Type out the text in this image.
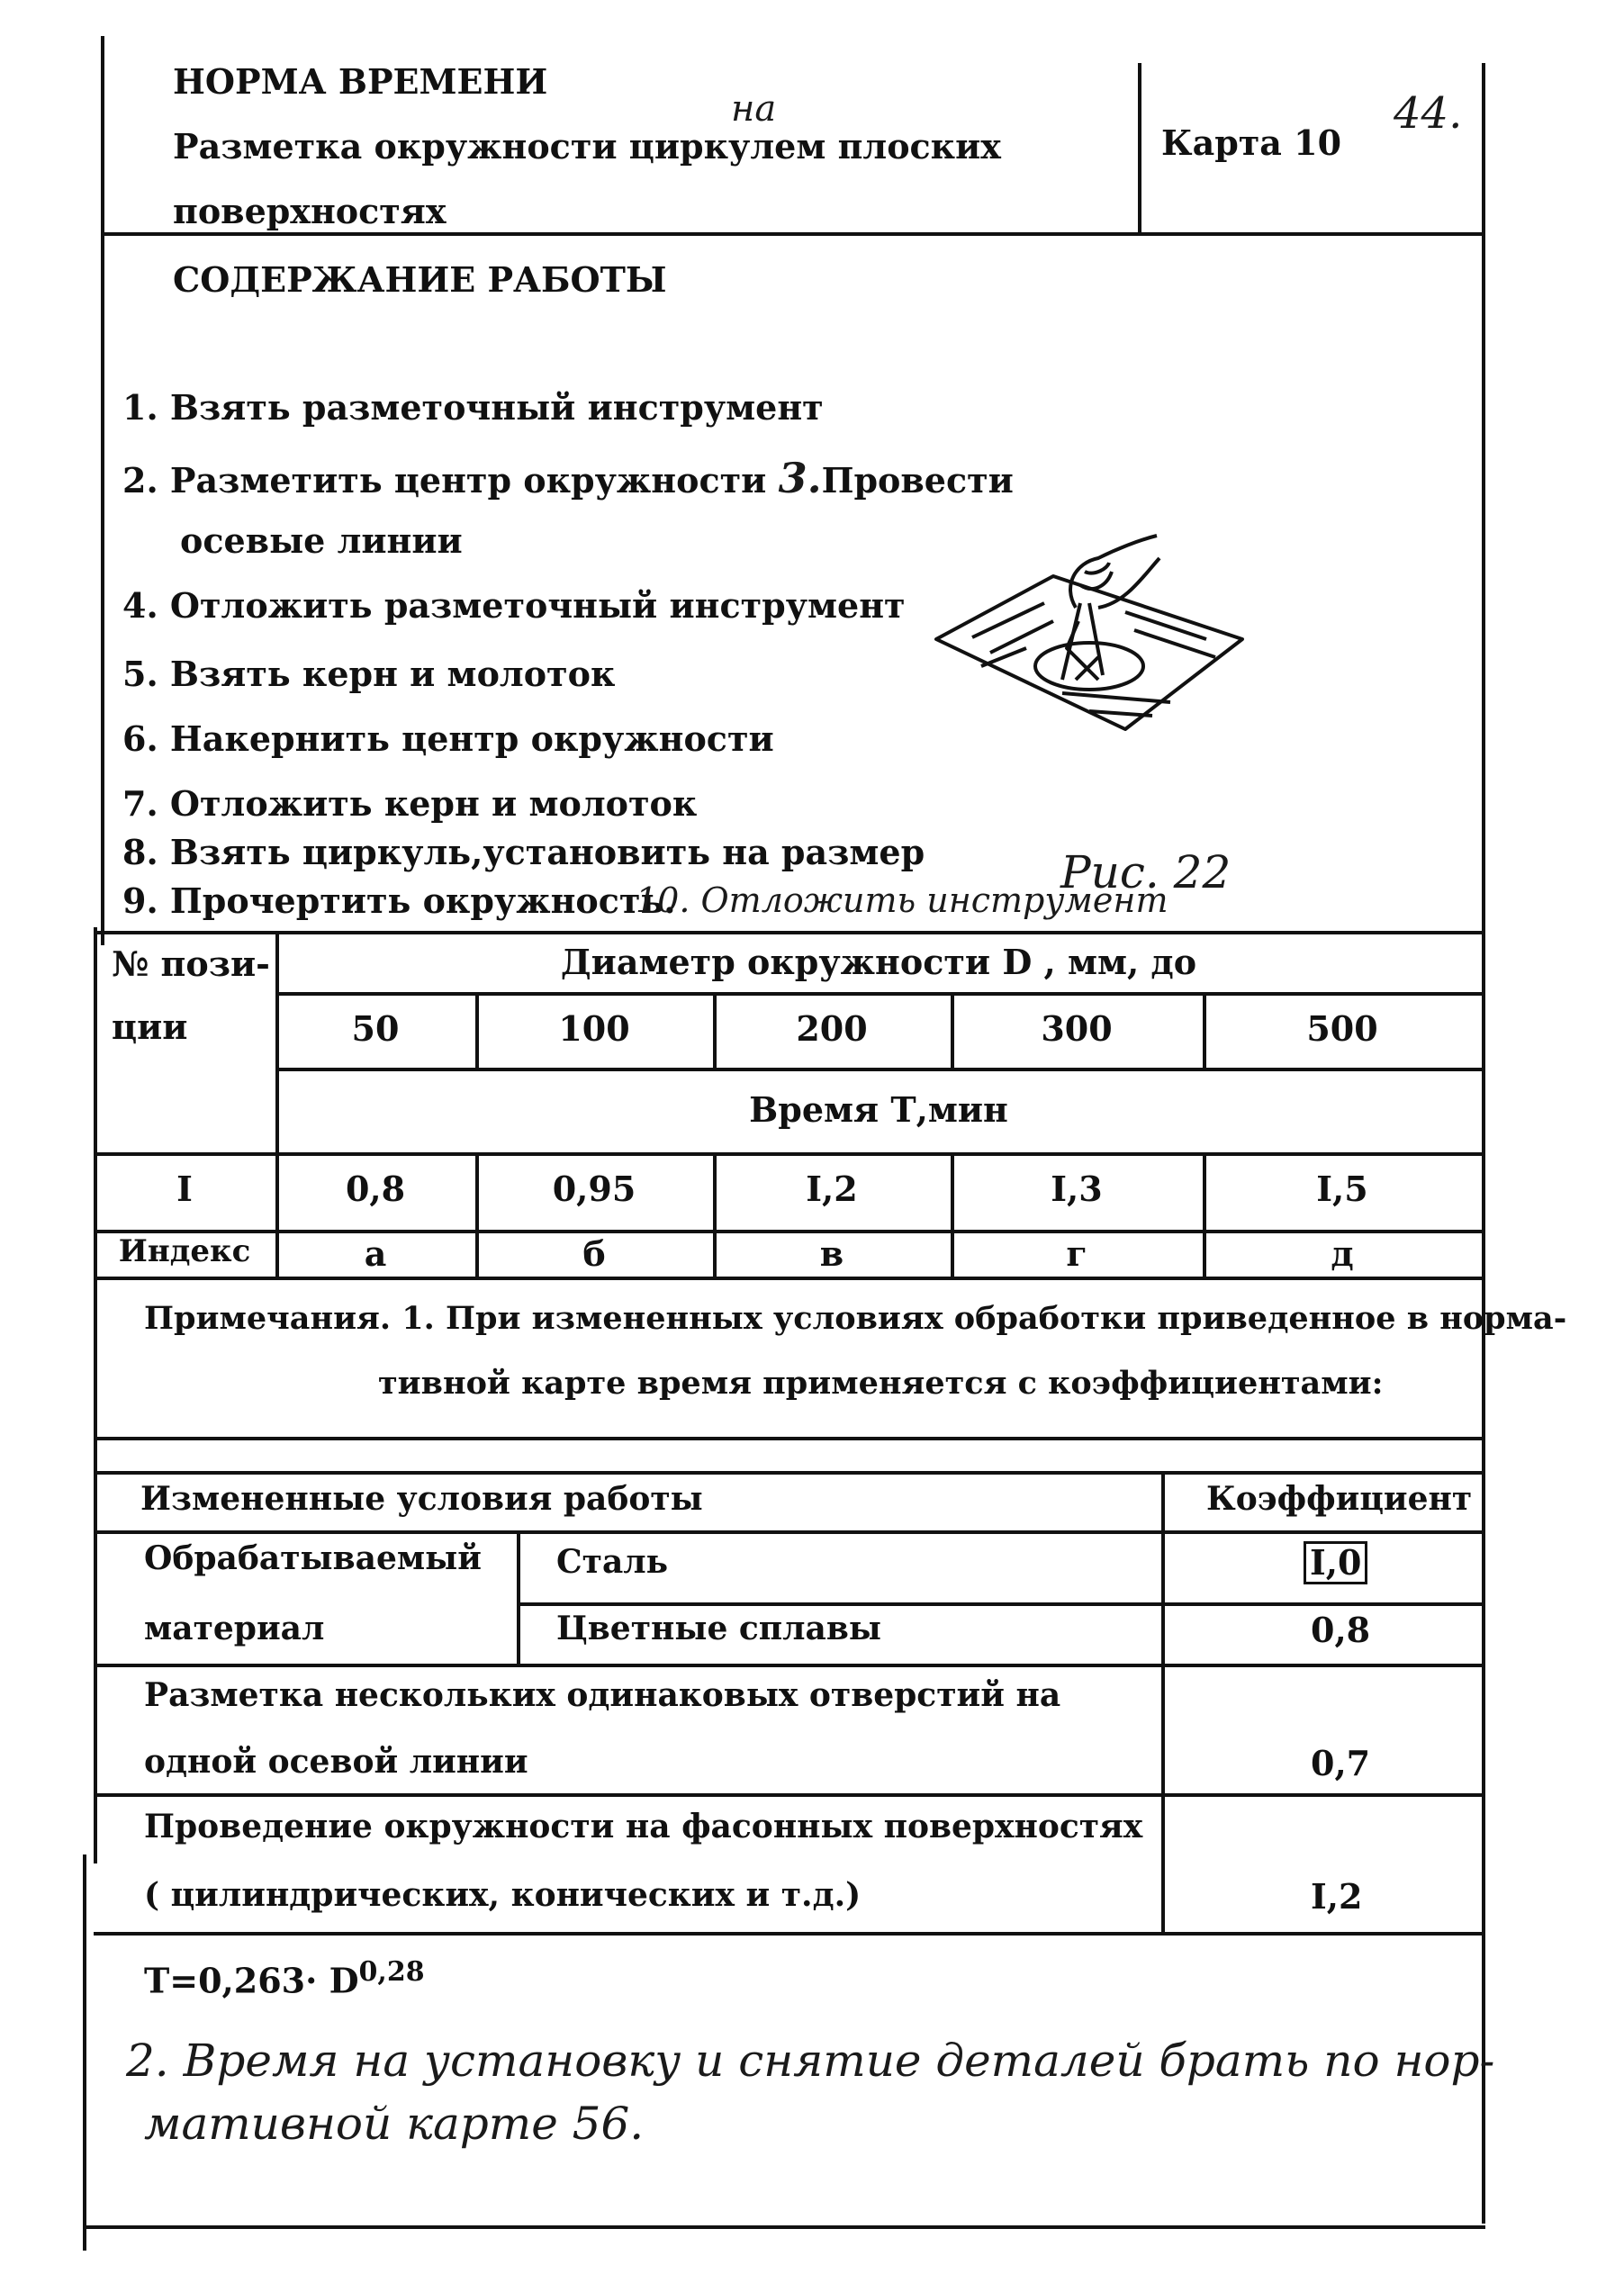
НОРМА ВРЕМЕНИ
на
Разметка окружности циркулем плоских
поверхностях
Карта 10
44.
СОДЕРЖАНИЕ РАБОТЫ
1. Взять разметочный инструмент
2. Разметить центр окружности 3.Провести
осевые линии
4. Отложить разметочный инструмент
5. Взять керн и молоток
6. Накернить центр окружности
7. Отложить керн и молоток
8. Взять циркуль,установить на размер
9. Прочертить окружность.
10. Отложить инструмент
Рис. 22
№ пози-
ции
Диаметр окружности D , мм, до
50	100	200	300	500
Время Т,мин
I	0,8	0,95	I,2	I,3	I,5
Индекс	а	б	в	г	д
Примечания. 1. При измененных условиях обработки приведенное в норма-
тивной карте время применяется с коэффициентами:
Измененные условия работы	Коэффициент
Обрабатываемый
материал
Сталь	I,0
Цветные сплавы	0,8
Разметка нескольких одинаковых отверстий на
одной осевой линии	0,7
Проведение окружности на фасонных поверхностях
( цилиндрических, конических и т.д.)	I,2
Т=0,263· D$^{0,28}$
2. Время на установку и снятие деталей брать по нор-
мативной карте 56.
